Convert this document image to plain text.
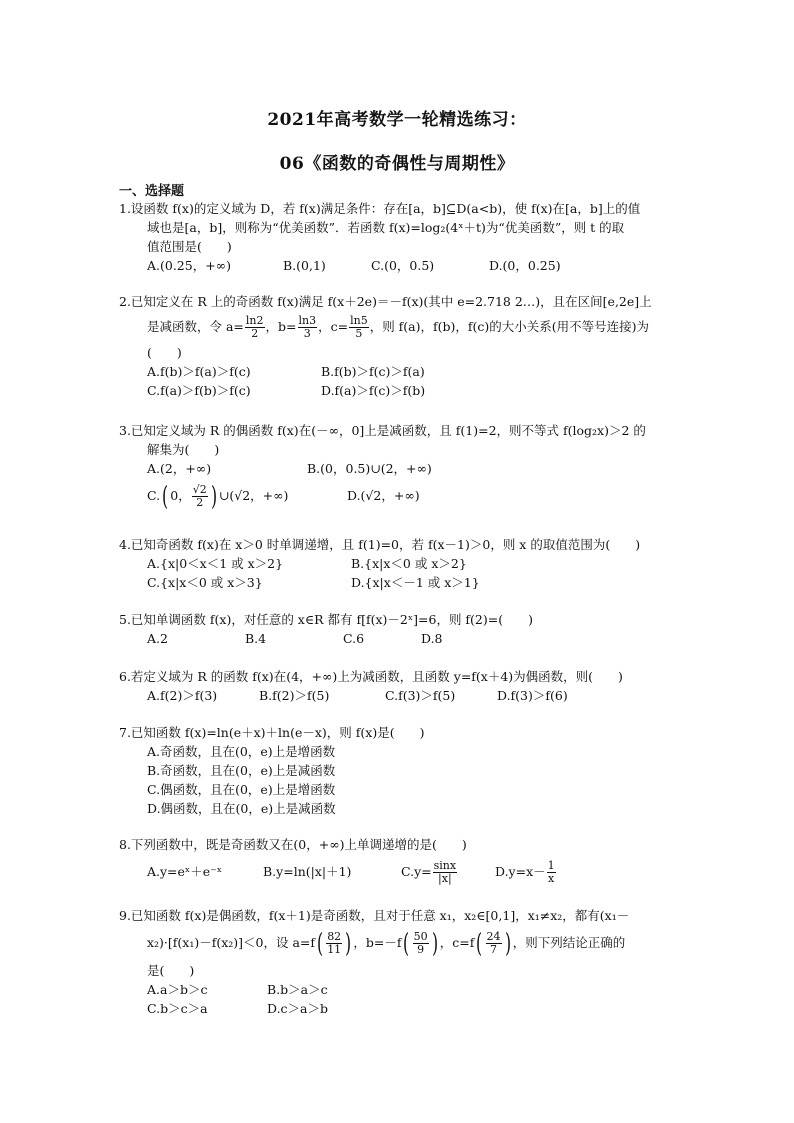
2021年高考数学一轮精选练习：
06《函数的奇偶性与周期性》
一、选择题
1.设函数 f(x)的定义域为 D，若 f(x)满足条件：存在[a，b]⊆D(a<b)，使 f(x)在[a，b]上的值
域也是[a，b]，则称为“优美函数”．若函数 f(x)=log₂(4ˣ＋t)为“优美函数”，则 t 的取
值范围是(　　)
A.(0.25，+∞)	B.(0,1)	C.(0，0.5)	D.(0，0.25)
2.已知定义在 R 上的奇函数 f(x)满足 f(x＋2e)＝－f(x)(其中 e=2.718 2…)，且在区间[e,2e]上
是减函数，令 $a= \frac{\ln 2}{2}$ ，$b= \frac{\ln 3}{3}$ ，$c= \frac{\ln 5}{5}$ ，则 f(a)，f(b)，f(c)的大小关系(用不等号连接)为
(　　)
A.f(b)＞f(a)＞f(c)	B.f(b)＞f(c)＞f(a)
C.f(a)＞f(b)＞f(c)	D.f(a)＞f(c)＞f(b)
3.已知定义域为 R 的偶函数 f(x)在(－∞，0]上是减函数，且 f(1)=2，则不等式 f(log₂x)＞2 的
解集为(　　)
A.(2，+∞)	B.(0，0.5)∪(2，+∞)
C.( 0， $\frac{√2}{2}$ ) ∪(√2，+∞)	D.(√2，+∞)
4.已知奇函数 f(x)在 x＞0 时单调递增，且 f(1)=0，若 f(x－1)＞0，则 x 的取值范围为(　　)
A.{x|0＜x＜1 或 x＞2}	B.{x|x＜0 或 x＞2}
C.{x|x＜0 或 x＞3}	D.{x|x＜－1 或 x＞1}
5.已知单调函数 f(x)，对任意的 x∈R 都有 f[f(x)－2ˣ]=6，则 f(2)=(　　)
A.2	B.4	C.6	D.8
6.若定义域为 R 的函数 f(x)在(4，+∞)上为减函数，且函数 y=f(x＋4)为偶函数，则(　　)
A.f(2)＞f(3)	B.f(2)＞f(5)	C.f(3)＞f(5)	D.f(3)＞f(6)
7.已知函数 f(x)=ln(e＋x)＋ln(e－x)，则 f(x)是(　　)
A.奇函数，且在(0，e)上是增函数
B.奇函数，且在(0，e)上是减函数
C.偶函数，且在(0，e)上是增函数
D.偶函数，且在(0，e)上是减函数
8.下列函数中，既是奇函数又在(0，+∞)上单调递增的是(　　)
A.y=eˣ＋e⁻ˣ	B.y=ln(|x|＋1)	$C.y= \frac{\sin x}{|x|}$	$D.y=x- \frac{1}{x}$
9.已知函数 f(x)是偶函数，f(x＋1)是奇函数，且对于任意 x₁，x₂∈[0,1]，x₁≠x₂，都有(x₁－
x₂)·[f(x₁)－f(x₂)]＜0，设 $a=f( \frac{82}{11}$ ) ，$b=-f( \frac{50}{9}$ ) ，$c=f( \frac{24}{7}$ ) ，则下列结论正确的
是(　　)
A.a＞b＞c	B.b＞a＞c
C.b＞c＞a	D.c＞a＞b
